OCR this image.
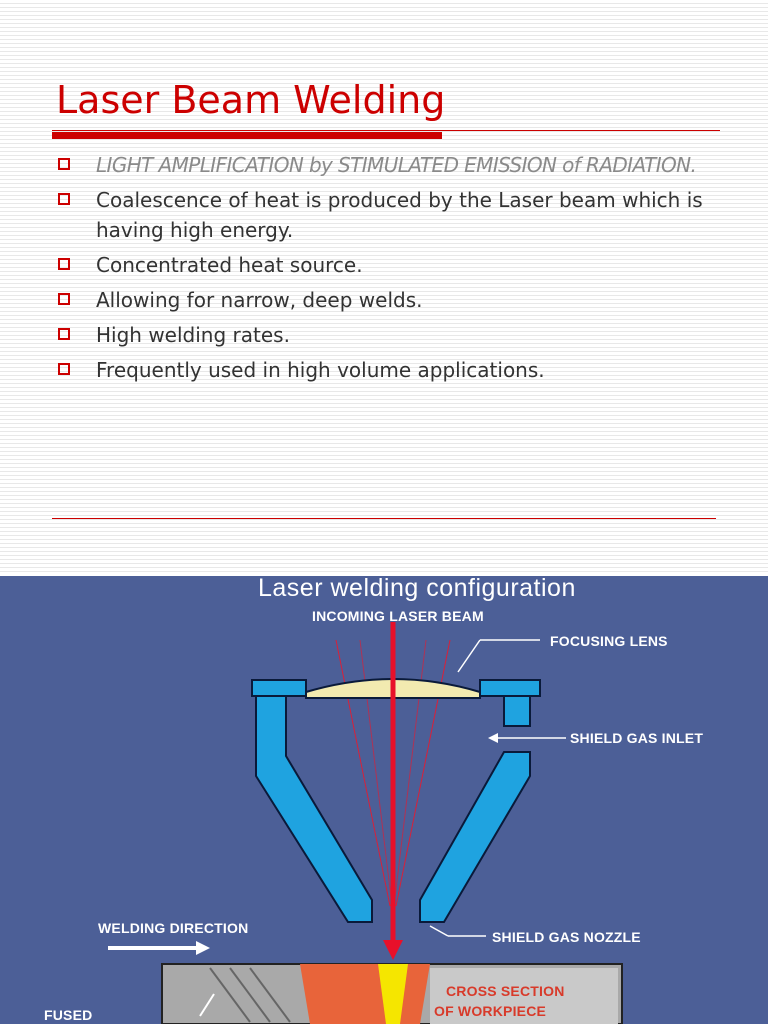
Laser Beam Welding
LIGHT AMPLIFICATION by STIMULATED EMISSION of RADIATION.
Coalescence of heat is produced by the Laser beam which is having high energy.
Concentrated heat source.
Allowing for narrow, deep welds.
High welding rates.
Frequently used in high volume applications.
Laser welding configuration
INCOMING LASER BEAM
CROSS SECTION
OF WORKPIECE
FOCUSING LENS
SHIELD GAS INLET
WELDING DIRECTION
SHIELD GAS NOZZLE
FUSED
